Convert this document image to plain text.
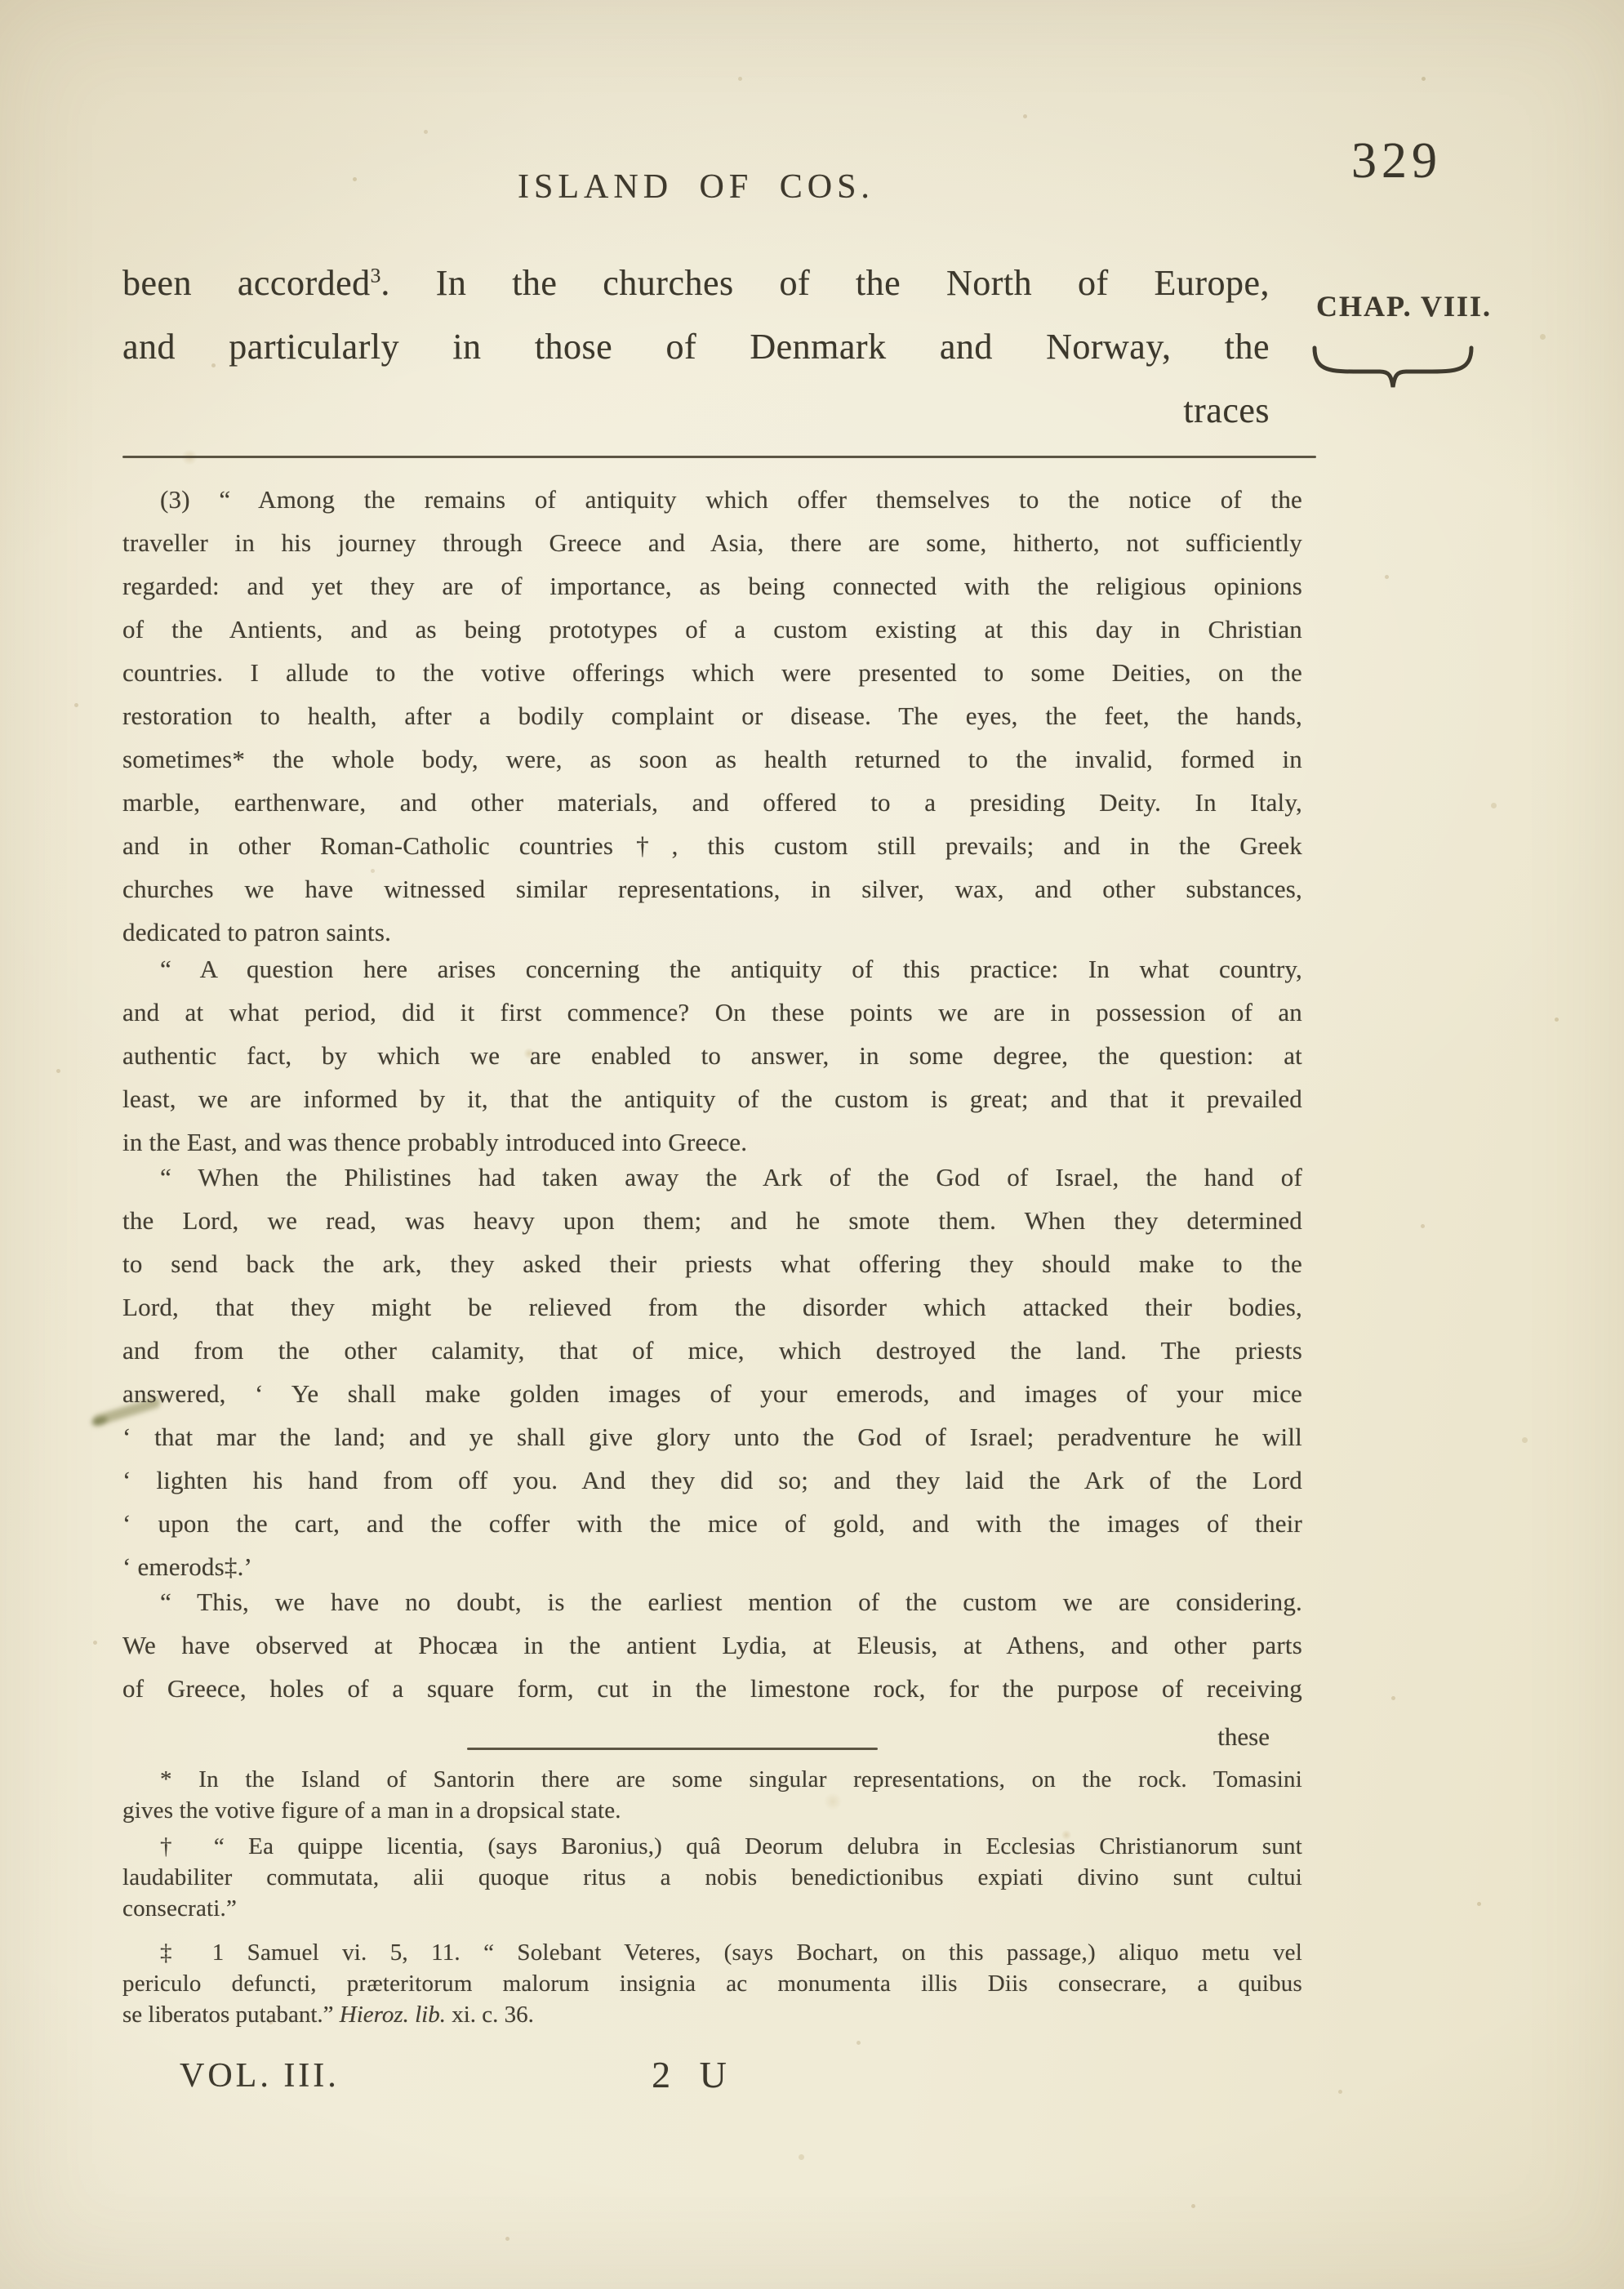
ISLAND OF COS.	329
CHAP. VIII.
been accorded$^3$. In the churches of the North of Europe,
and particularly in those of Denmark and Norway, the
traces
(3) “ Among the remains of antiquity which offer themselves to the notice of the
traveller in his journey through Greece and Asia, there are some, hitherto, not sufficiently
regarded: and yet they are of importance, as being connected with the religious opinions
of the Antients, and as being prototypes of a custom existing at this day in Christian
countries. I allude to the votive offerings which were presented to some Deities, on the
restoration to health, after a bodily complaint or disease. The eyes, the feet, the hands,
sometimes* the whole body, were, as soon as health returned to the invalid, formed in
marble, earthenware, and other materials, and offered to a presiding Deity. In Italy,
and in other Roman-Catholic countries†, this custom still prevails; and in the Greek
churches we have witnessed similar representations, in silver, wax, and other substances,
dedicated to patron saints.
“ A question here arises concerning the antiquity of this practice: In what country,
and at what period, did it first commence? On these points we are in possession of an
authentic fact, by which we are enabled to answer, in some degree, the question: at
least, we are informed by it, that the antiquity of the custom is great; and that it prevailed
in the East, and was thence probably introduced into Greece.
“ When the Philistines had taken away the Ark of the God of Israel, the hand of
the Lord, we read, was heavy upon them; and he smote them. When they determined
to send back the ark, they asked their priests what offering they should make to the
Lord, that they might be relieved from the disorder which attacked their bodies,
and from the other calamity, that of mice, which destroyed the land. The priests
answered, ‘ Ye shall make golden images of your emerods, and images of your mice
‘ that mar the land; and ye shall give glory unto the God of Israel; peradventure he will
‘ lighten his hand from off you. And they did so; and they laid the Ark of the Lord
‘ upon the cart, and the coffer with the mice of gold, and with the images of their
‘ emerods‡.’
“ This, we have no doubt, is the earliest mention of the custom we are considering.
We have observed at Phocæa in the antient Lydia, at Eleusis, at Athens, and other parts
of Greece, holes of a square form, cut in the limestone rock, for the purpose of receiving
these
* In the Island of Santorin there are some singular representations, on the rock. Tomasini
gives the votive figure of a man in a dropsical state.
† “ Ea quippe licentia, (says Baronius,) quâ Deorum delubra in Ecclesias Christianorum sunt
laudabiliter commutata, alii quoque ritus a nobis benedictionibus expiati divino sunt cultui
consecrati.”
‡ 1 Samuel vi. 5, 11. “ Solebant Veteres, (says Bochart, on this passage,) aliquo metu vel
periculo defuncti, præteritorum malorum insignia ac monumenta illis Diis consecrare, a quibus
se liberatos putabant.” Hieroz. lib. xi. c. 36.
VOL. III.	2 U
